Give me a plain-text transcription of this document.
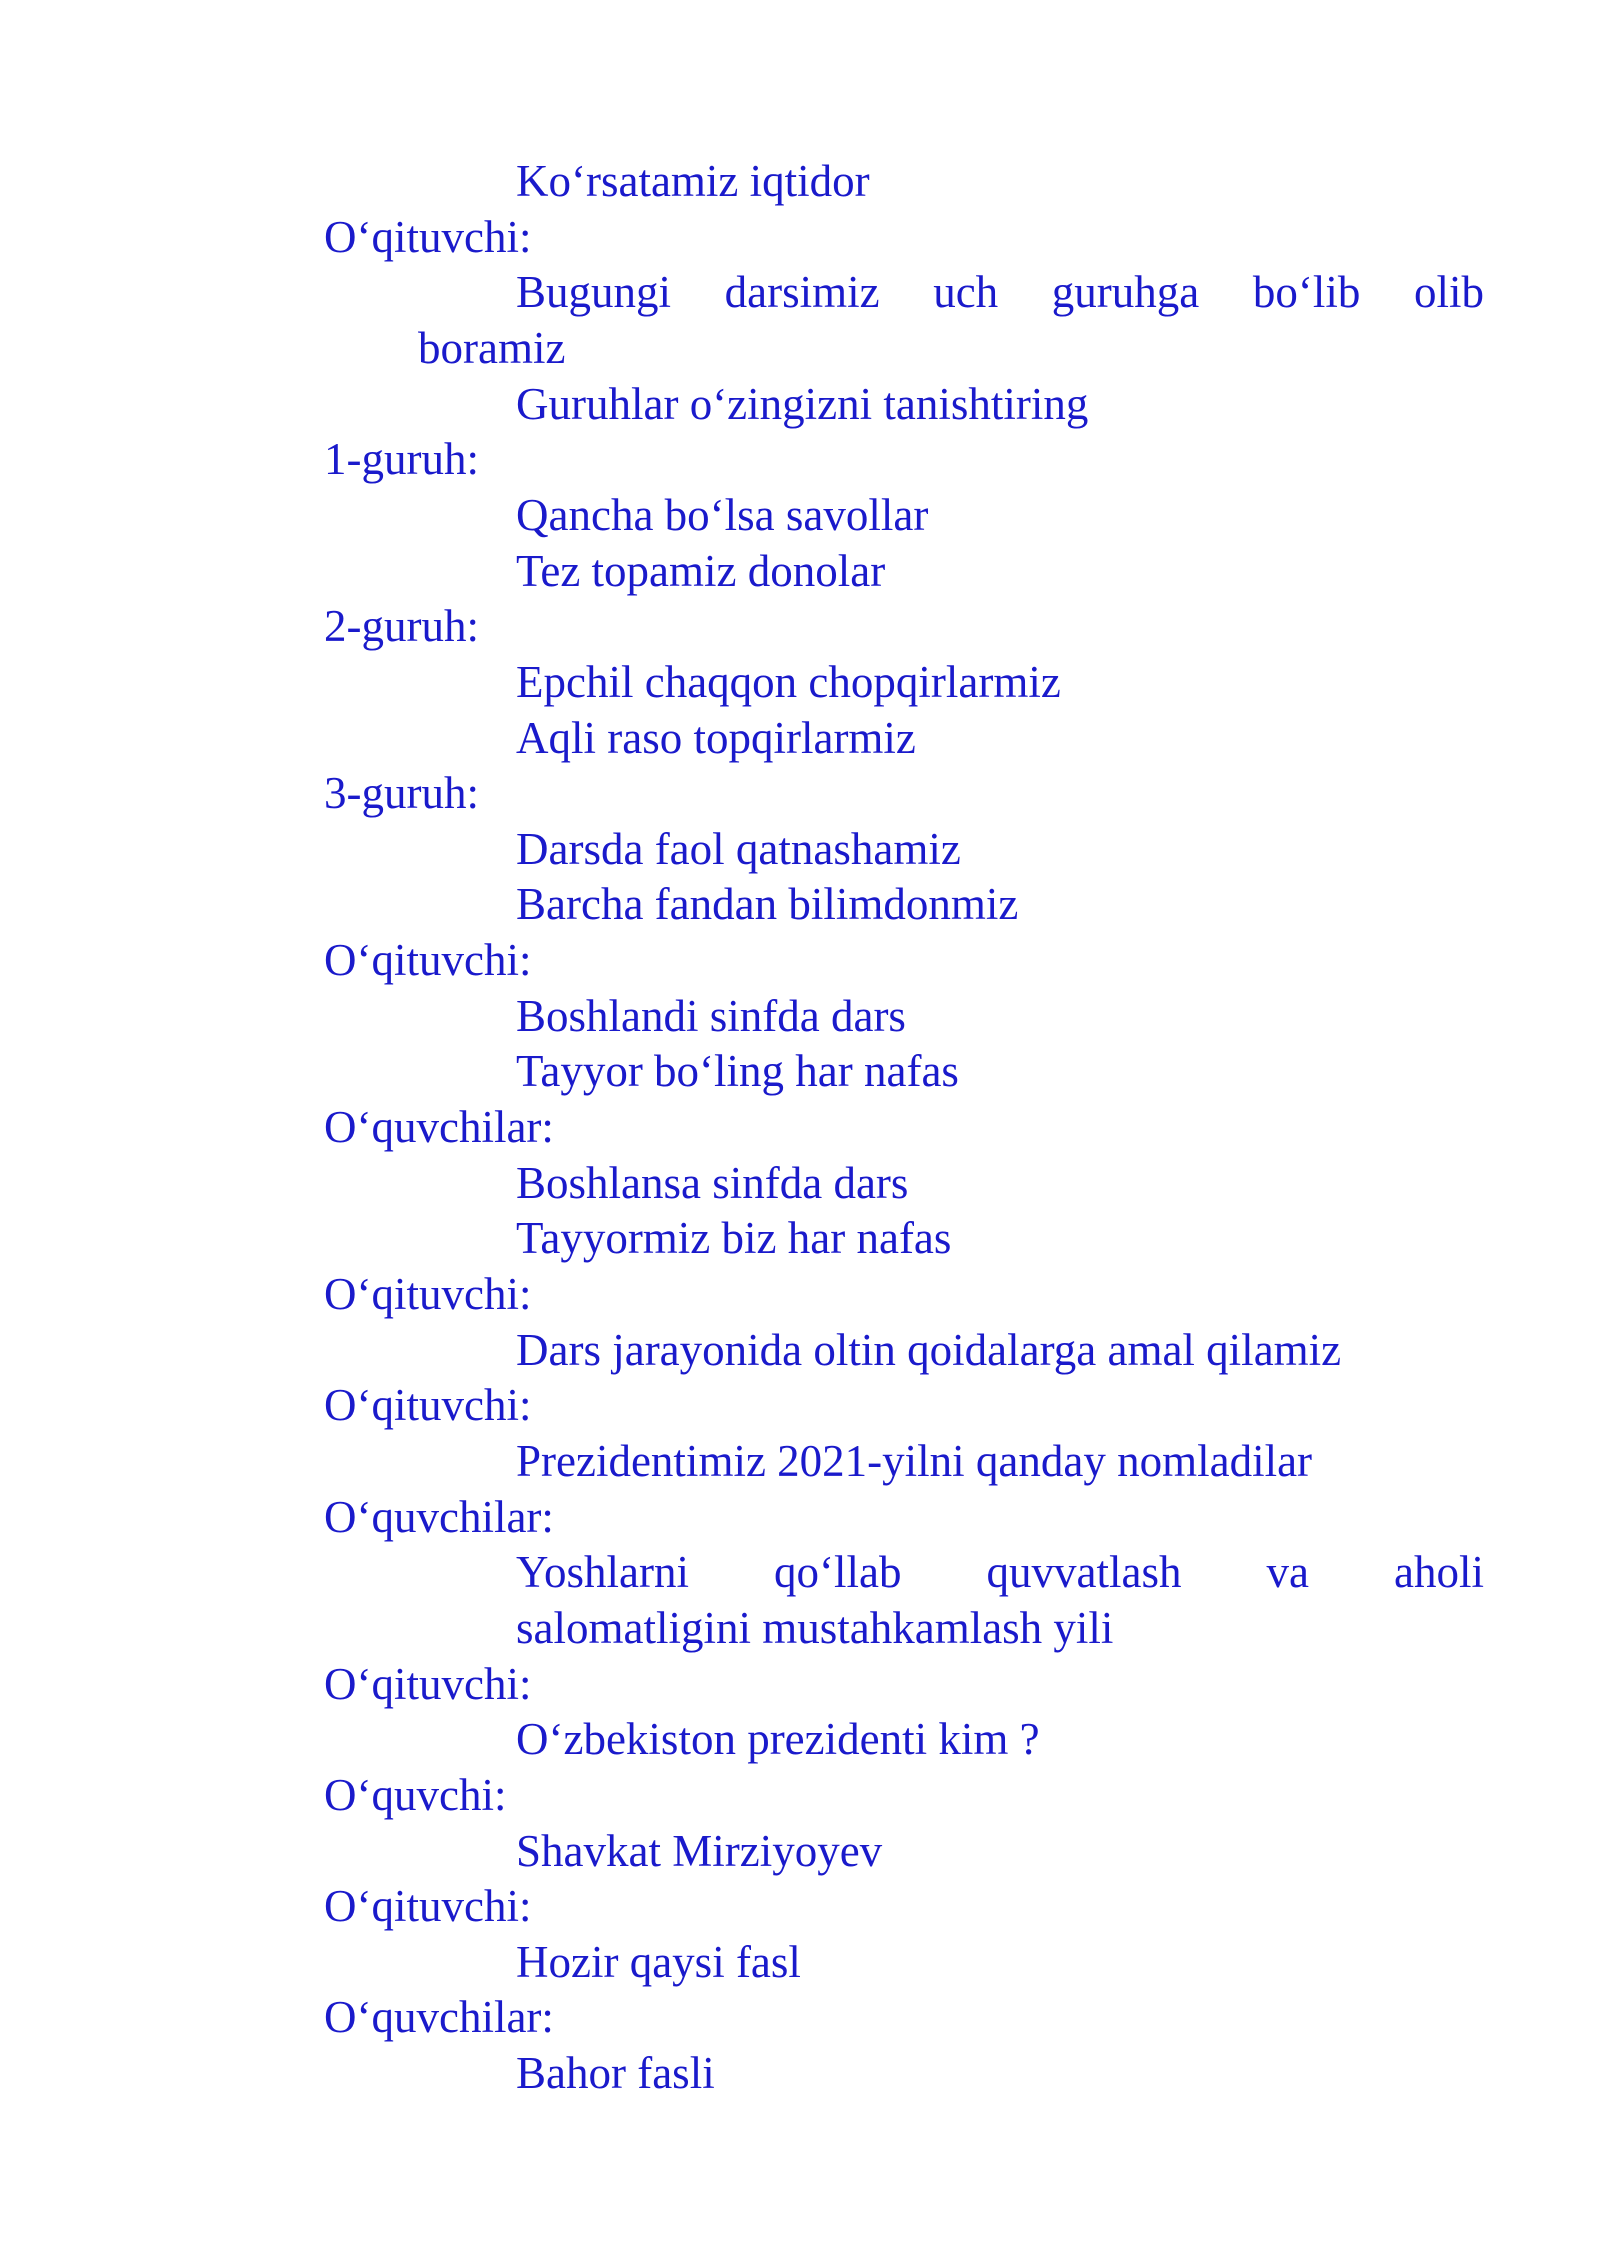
Ko‘rsatamiz iqtidor
O‘qituvchi:
Bugungi darsimiz uch guruhga bo‘lib olib
boramiz
Guruhlar o‘zingizni tanishtiring
1-guruh:
Qancha bo‘lsa savollar
Tez topamiz donolar
2-guruh:
Epchil chaqqon chopqirlarmiz
Aqli raso topqirlarmiz
3-guruh:
Darsda faol qatnashamiz
Barcha fandan bilimdonmiz
O‘qituvchi:
Boshlandi sinfda dars
Tayyor bo‘ling har nafas
O‘quvchilar:
Boshlansa sinfda dars
Tayyormiz biz har nafas
O‘qituvchi:
Dars jarayonida oltin qoidalarga amal qilamiz
O‘qituvchi:
Prezidentimiz 2021-yilni qanday nomladilar
O‘quvchilar:
Yoshlarni qo‘llab quvvatlash va aholi
salomatligini mustahkamlash yili
O‘qituvchi:
O‘zbekiston prezidenti kim ?
O‘quvchi:
Shavkat Mirziyoyev
O‘qituvchi:
Hozir qaysi fasl
O‘quvchilar:
Bahor fasli
